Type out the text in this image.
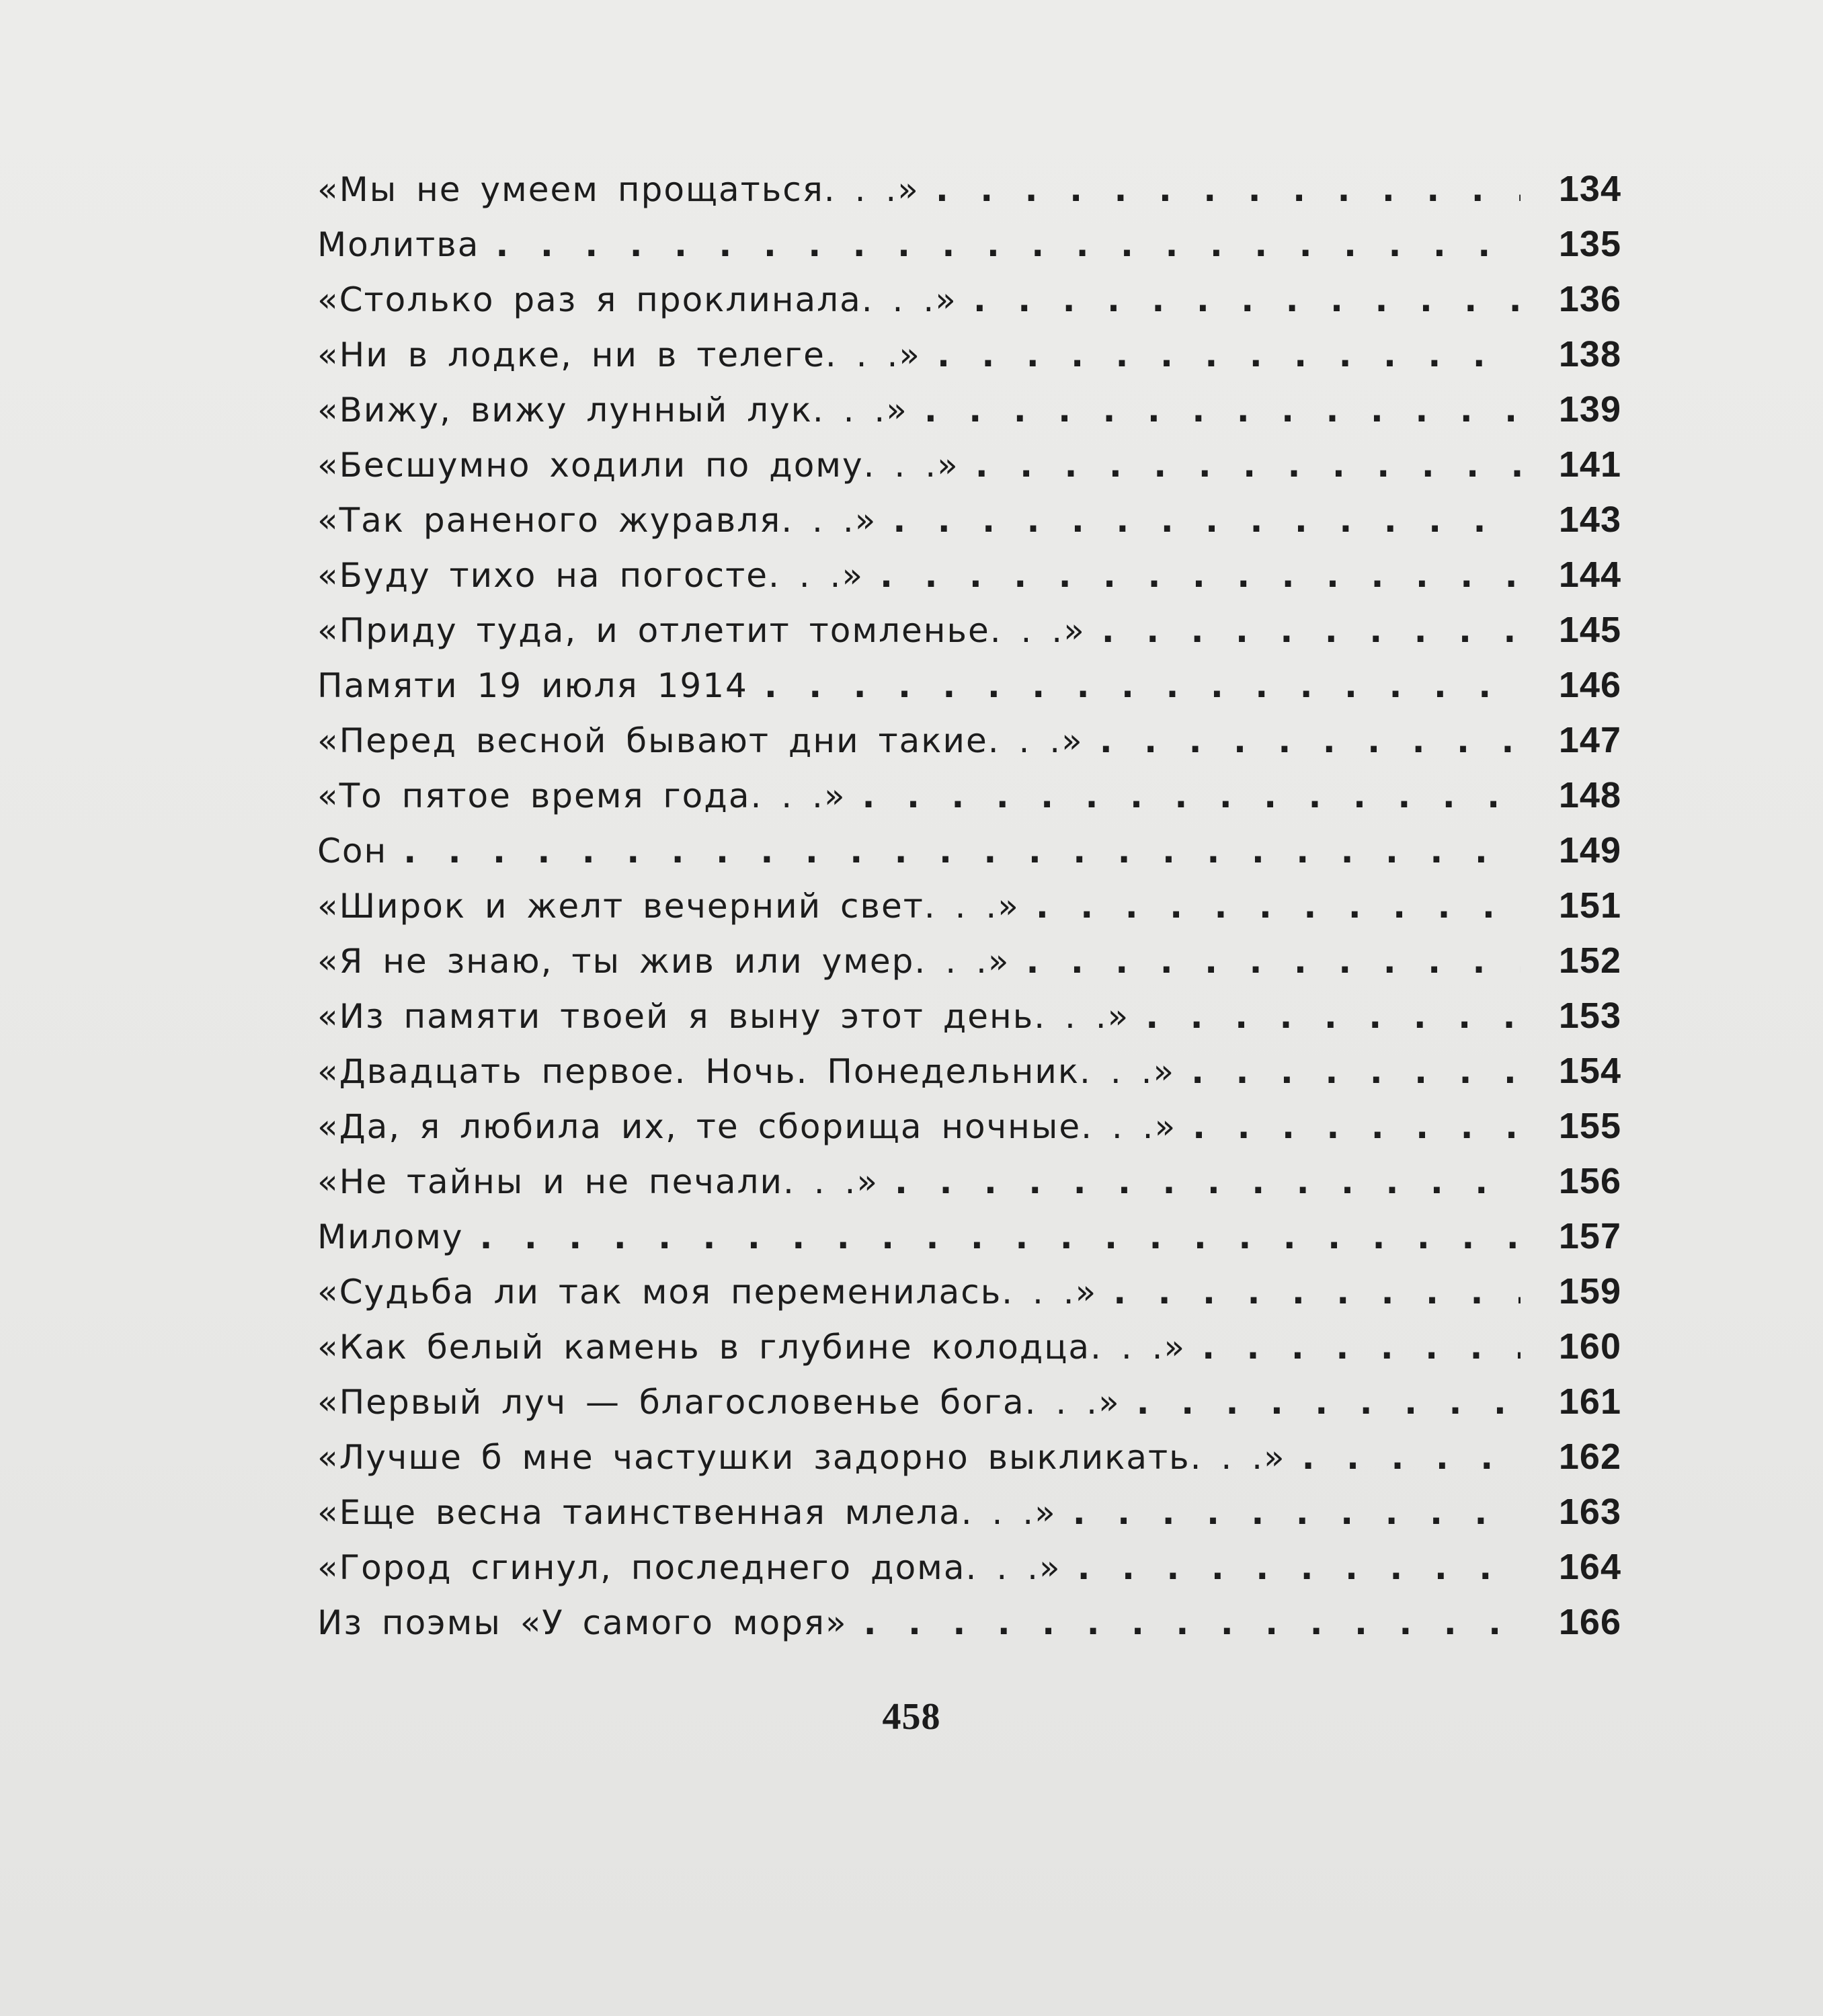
«Мы не умеем прощаться. . .» . . .	134
Молитва . . .	135
«Столько раз я проклинала. . .» . . .	136
«Ни в лодке, ни в телеге. . .» . . .	138
«Вижу, вижу лунный лук. . .» . . .	139
«Бесшумно ходили по дому. . .» . . .	141
«Так раненого журавля. . .» . . .	143
«Буду тихо на погосте. . .» . . .	144
«Приду туда, и отлетит томленье. . .» . . .	145
Памяти 19 июля 1914 . . .	146
«Перед весной бывают дни такие. . .» . . .	147
«То пятое время года. . .» . . .	148
Сон . . .	149
«Широк и желт вечерний свет. . .» . . .	151
«Я не знаю, ты жив или умер. . .» . . .	152
«Из памяти твоей я выну этот день. . .» . . .	153
«Двадцать первое. Ночь. Понедельник. . .» . . .	154
«Да, я любила их, те сборища ночные. . .» . . .	155
«Не тайны и не печали. . .» . . .	156
Милому . . .	157
«Судьба ли так моя переменилась. . .» . . .	159
«Как белый камень в глубине колодца. . .» . . .	160
«Первый луч — благословенье бога. . .» . . .	161
«Лучше б мне частушки задорно выкликать. . .» . . .	162
«Еще весна таинственная млела. . .» . . .	163
«Город сгинул, последнего дома. . .» . . .	164
Из поэмы «У самого моря» . . .	166
458
